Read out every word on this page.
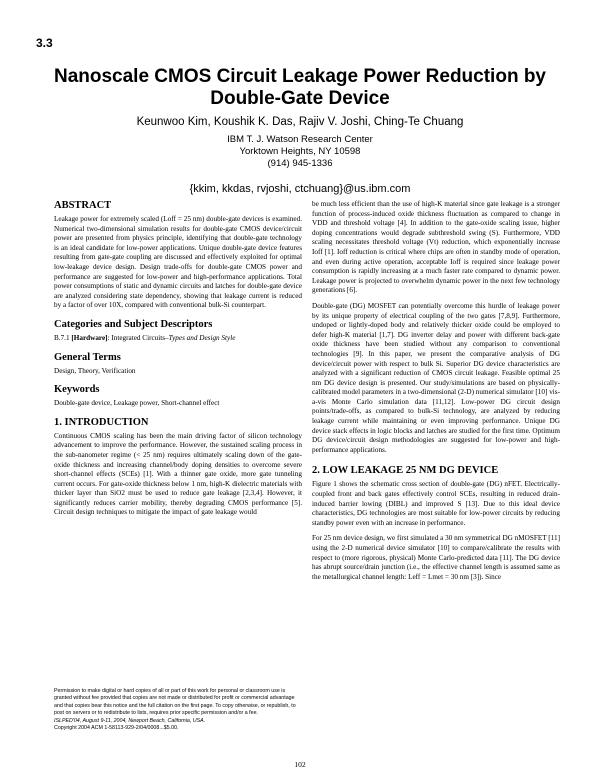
3.3
Nanoscale CMOS Circuit Leakage Power Reduction by
Double-Gate Device
Keunwoo Kim, Koushik K. Das, Rajiv V. Joshi, Ching-Te Chuang
IBM T. J. Watson Research Center
Yorktown Heights, NY 10598
(914) 945-1336
{kkim, kkdas, rvjoshi, ctchuang}@us.ibm.com
ABSTRACT

Leakage power for extremely scaled (Loff = 25 nm) double-gate devices is examined. Numerical two-dimensional simulation results for double-gate CMOS device/circuit power are presented from physics principle, identifying that double-gate technology is an ideal candidate for low-power applications. Unique double-gate device features resulting from gate-gate coupling are discussed and effectively exploited for optimal low-leakage device design. Design trade-offs for double-gate CMOS power and performance are suggested for low-power and high-performance applications. Total power consumptions of static and dynamic circuits and latches for double-gate device are analyzed considering state dependency, showing that leakage current is reduced by a factor of over 10X, compared with conventional bulk-Si counterpart.

Categories and Subject Descriptors
B.7.1 [Hardware]: Integrated Circuits–Types and Design Style
General Terms

Design, Theory, Verification

Keywords

Double-gate device, Leakage power, Short-channel effect

1. INTRODUCTION

Continuous CMOS scaling has been the main driving factor of silicon technology advancement to improve the performance. However, the sustained scaling process in the sub-nanometer regime (< 25 nm) requires ultimately scaling down of the gate-oxide thickness and increasing channel/body doping densities to overcome severe short-channel effects (SCEs) [1]. With a thinner gate oxide, more gate tunneling current occurs. For gate-oxide thickness below 1 nm, high-K dielectric materials with thicker layer than SiO2 must be used to reduce gate leakage [2,3,4]. However, it significantly reduces carrier mobility, thereby degrading CMOS performance [5]. Circuit design techniques to mitigate the impact of gate leakage would

be much less efficient than the use of high-K material since gate leakage is a stronger function of process-induced oxide thickness fluctuation as compared to change in VDD and threshold voltage [4]. In addition to the gate-oxide scaling issue, higher doping concentrations would degrade subthreshold swing (S). Furthermore, VDD scaling necessitates threshold voltage (Vt) reduction, which exponentially increase Ioff [1]. Ioff reduction is critical where chips are often in standby mode of operation, and even during active operation, acceptable Ioff is required since leakage power consumption is rapidly increasing at a much faster rate compared to dynamic power. Leakage power is projected to overwhelm dynamic power in the next few technology generations [6].

Double-gate (DG) MOSFET can potentially overcome this hurdle of leakage power by its unique property of electrical coupling of the two gates [7,8,9]. Furthermore, undoped or lightly-doped body and relatively thicker oxide could be employed to defer high-K material [1,7]. DG inverter delay and power with different back-gate oxide thickness have been studied without any comparison to conventional technologies [9]. In this paper, we present the comparative analysis of DG device/circuit power with respect to bulk Si. Superior DG device characteristics are analyzed with a significant reduction of CMOS circuit leakage. Feasible optimal 25 nm DG device design is presented. Our study/simulations are based on physically-calibrated model parameters in a two-dimensional (2-D) numerical simulator [10] vis-a-vis Monte Carlo simulation data [11,12]. Low-power DG circuit design points/trade-offs, as compared to bulk-Si technology, are analyzed by reducing leakage current while maintaining or even improving performance. Unique DG device stack effects in logic blocks and latches are studied for the first time. Optimum DG device/circuit design methodologies are suggested for low-power and high-performance applications.

2. LOW LEAKAGE 25 NM DG DEVICE

Figure 1 shows the schematic cross section of double-gate (DG) nFET. Electrically-coupled front and back gates effectively control SCEs, resulting in reduced drain-induced barrier lowing (DIBL) and improved S [13]. Due to this ideal device characteristics, DG technologies are most suitable for low-power circuits by reducing standby power even with an increase in performance.

For 25 nm device design, we first simulated a 30 nm symmetrical DG nMOSFET [11] using the 2-D numerical device simulator [10] to compare/calibrate the results with respect to (more rigorous, physical) Monte Carlo-predicted data [11]. The DG device has abrupt source/drain junction (i.e., the effective channel length is assumed same as the metallurgical channel length: Leff = Lmet = 30 nm [3]). Since

Permission to make digital or hard copies of all or part of this work for personal or classroom use is granted without fee provided that copies are not made or distributed for profit or commercial advantage and that copies bear this notice and the full citation on the first page. To copy otherwise, or republish, to post on servers or to redistribute to lists, requires prior specific permission and/or a fee.

ISLPED'04, August 9-11, 2004, Newport Beach, California, USA.

Copyright 2004 ACM 1-58113-929-2/04/0008...$5.00.

102
